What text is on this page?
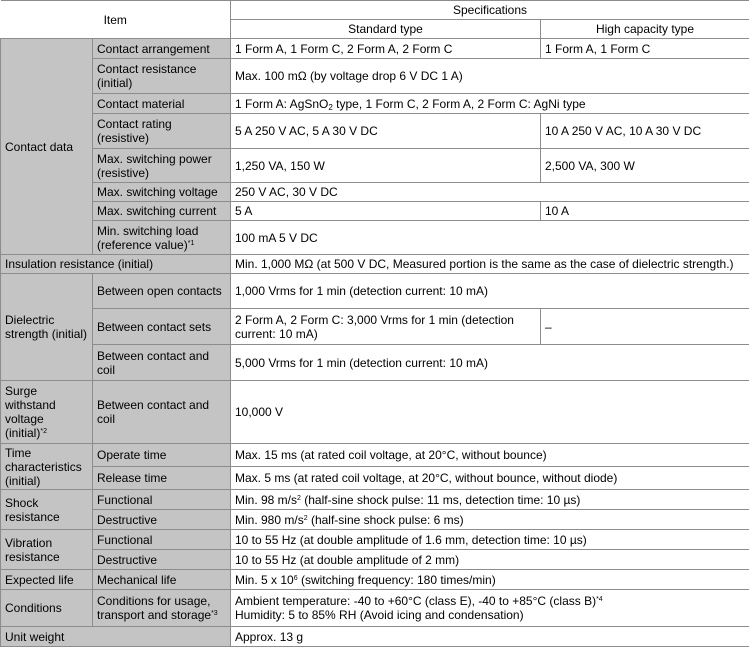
Item		Specifications	
		Standard type	High capacity type
Contact data	Contact arrangement	1 Form A, 1 Form C, 2 Form A, 2 Form C	1 Form A, 1 Form C
	Contact resistance (initial)	Max. 100 mΩ (by voltage drop 6 V DC 1 A)	
	Contact material	1 Form A: AgSnO$_2$ type, 1 Form C, 2 Form A, 2 Form C: AgNi type	
	Contact rating (resistive)	5 A 250 V AC, 5 A 30 V DC	10 A 250 V AC, 10 A 30 V DC
	Max. switching power (resistive)	1,250 VA, 150 W	2,500 VA, 300 W
	Max. switching voltage	250 V AC, 30 V DC	
	Max. switching current	5 A	10 A
	Min. switching load (reference value)$^{*1}$	100 mA 5 V DC	
Insulation resistance (initial)		Min. 1,000 MΩ (at 500 V DC, Measured portion is the same as the case of dielectric strength.)	
Dielectric strength (initial)	Between open contacts	1,000 Vrms for 1 min (detection current: 10 mA)	
	Between contact sets	2 Form A, 2 Form C: 3,000 Vrms for 1 min (detection current: 10 mA)	–
	Between contact and coil	5,000 Vrms for 1 min (detection current: 10 mA)	
Surge withstand voltage (initial)$^{*2}$	Between contact and coil	10,000 V	
Time characteristics (initial)	Operate time	Max. 15 ms (at rated coil voltage, at 20°C, without bounce)	
	Release time	Max. 5 ms (at rated coil voltage, at 20°C, without bounce, without diode)	
Shock resistance	Functional	Min. 98 $m/s^2$ (half-sine shock pulse: 11 ms, detection time: 10 µs)	
	Destructive	Min. 980 $m/s^2$ (half-sine shock pulse: 6 ms)	
Vibration resistance	Functional	10 to 55 Hz (at double amplitude of 1.6 mm, detection time: 10 µs)	
	Destructive	10 to 55 Hz (at double amplitude of 2 mm)	
Expected life	Mechanical life	Min. 5 x $10^6$ (switching frequency: 180 times/min)	
Conditions	Conditions for usage, transport and storage$^{*3}$	Ambient temperature: -40 to +60°C (class E), -40 to +85°C (class B)$^{*4}$
Humidity: 5 to 85% RH (Avoid icing and condensation)	

Unit weight		Approx. 13 g	
